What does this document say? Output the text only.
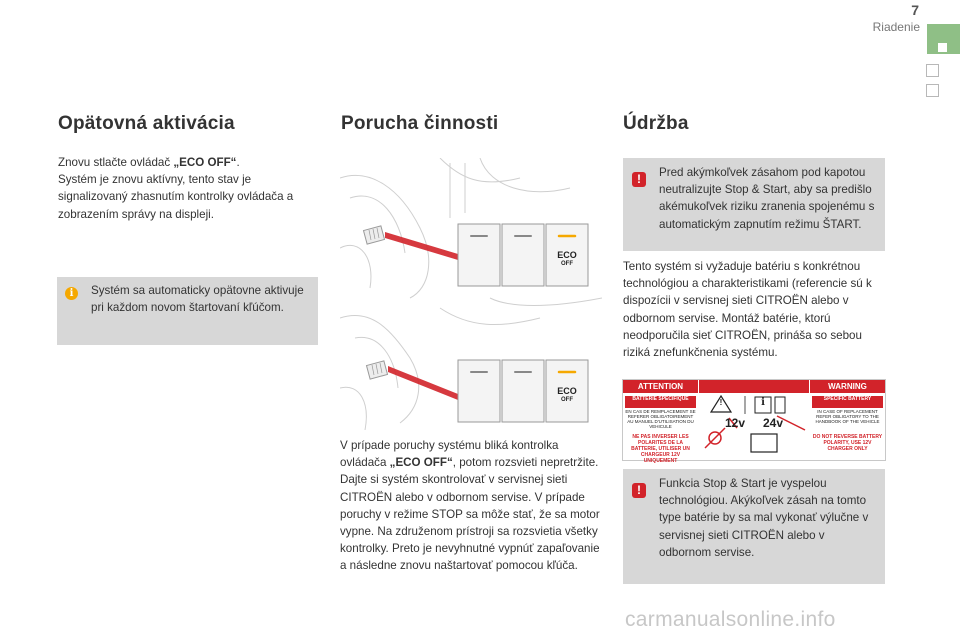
7
Riadenie
Opätovná aktivácia
Znovu stlačte ovládač „ECO OFF“.
Systém je znovu aktívny, tento stav je signalizovaný zhasnutím kontrolky ovládača a zobrazením správy na displeji.
i	Systém sa automaticky opätovne aktivuje pri každom novom štartovaní kľúčom.
Porucha činnosti
ECO
OFF
ECO
OFF
V prípade poruchy systému bliká kontrolka ovládača „ECO OFF“, potom rozsvieti nepretržite.
Dajte si systém skontrolovať v servisnej sieti CITROËN alebo v odbornom servise. V prípade poruchy v režime STOP sa môže stať, že sa motor vypne. Na združenom prístroji sa rozsvietia všetky kontrolky. Preto je nevyhnutné vypnúť zapaľovanie a následne znovu naštartovať pomocou kľúča.
Údržba
!	Pred akýmkoľvek zásahom pod kapotou neutralizujte Stop & Start, aby sa predišlo akémukoľvek riziku zranenia spojenému s automatickým zapnutím režimu ŠTART.
Tento systém si vyžaduje batériu s konkrétnou technológiou a charakteristikami (referencie sú k dispozícii v servisnej sieti CITROËN alebo v odbornom servise. Montáž batérie, ktorú neodporučila sieť CITROËN, prináša so sebou riziká znefunkčnenia systému.
ATTENTION	WARNING
BATTERIE SPECIFIQUE
EN CAS DE REMPLACEMENT SE REFERER OBLIGATOIREMENT AU MANUEL D'UTILISATION DU VEHICULE
NE PAS INVERSER LES POLARITES DE LA BATTERIE, UTILISER UN CHARGEUR 12V UNIQUEMENT
SPECIFIC BATTERY
IN CASE OF REPLACEMENT REFER OBLIGATORY TO THE HANDBOOK OF THE VEHICLE
DO NOT REVERSE BATTERY POLARITY, USE 12V CHARGER ONLY
!	i
12v 24v
!	Funkcia Stop & Start je vyspelou technológiou. Akýkoľvek zásah na tomto type batérie by sa mal vykonať výlučne v servisnej sieti CITROËN alebo v odbornom servise.
carmanualsonline.info
